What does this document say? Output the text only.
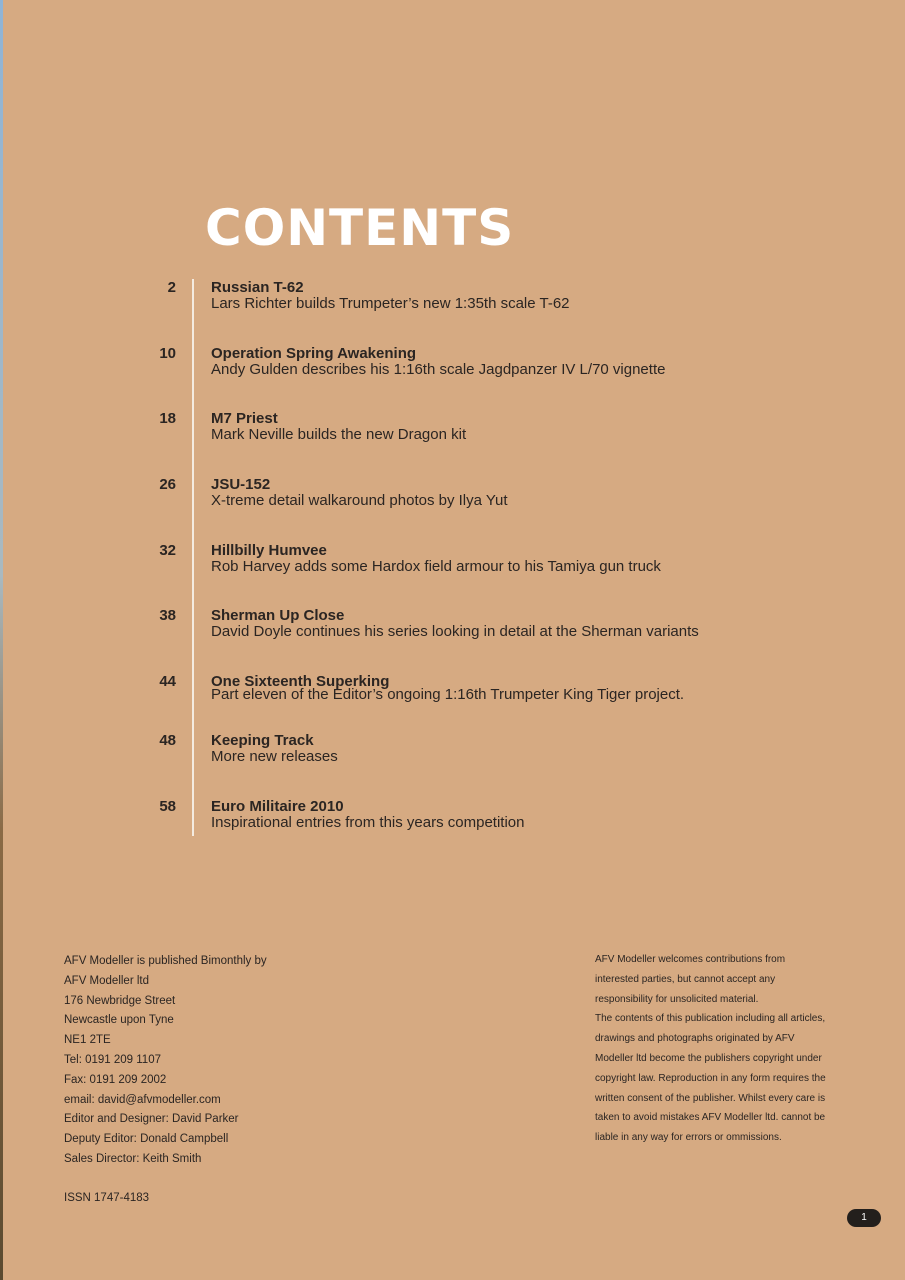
CONTENTS
2 Russian T-62
Lars Richter builds Trumpeter’s new 1:35th scale T-62
10 Operation Spring Awakening
Andy Gulden describes his 1:16th scale Jagdpanzer IV L/70 vignette
18 M7 Priest
Mark Neville builds the new Dragon kit
26 JSU-152
X-treme detail walkaround photos by Ilya Yut
32 Hillbilly Humvee
Rob Harvey adds some Hardox field armour to his Tamiya gun truck
38 Sherman Up Close
David Doyle continues his series looking in detail at the Sherman variants
44 One Sixteenth Superking
Part eleven of the Editor’s ongoing 1:16th Trumpeter King Tiger project.
48 Keeping Track
More new releases
58 Euro Militaire 2010
Inspirational entries from this years competition
AFV Modeller is published Bimonthly by
AFV Modeller ltd
176 Newbridge Street
Newcastle upon Tyne
NE1 2TE
Tel: 0191 209 1107
Fax: 0191 209 2002
email: david@afvmodeller.com
Editor and Designer: David Parker
Deputy Editor: Donald Campbell
Sales Director: Keith Smith
ISSN 1747-4183
AFV Modeller welcomes contributions from
interested parties, but cannot accept any
responsibility for unsolicited material.
The contents of this publication including all articles,
drawings and photographs originated by AFV
Modeller ltd become the publishers copyright under
copyright law. Reproduction in any form requires the
written consent of the publisher. Whilst every care is
taken to avoid mistakes AFV Modeller ltd. cannot be
liable in any way for errors or ommissions.
1
